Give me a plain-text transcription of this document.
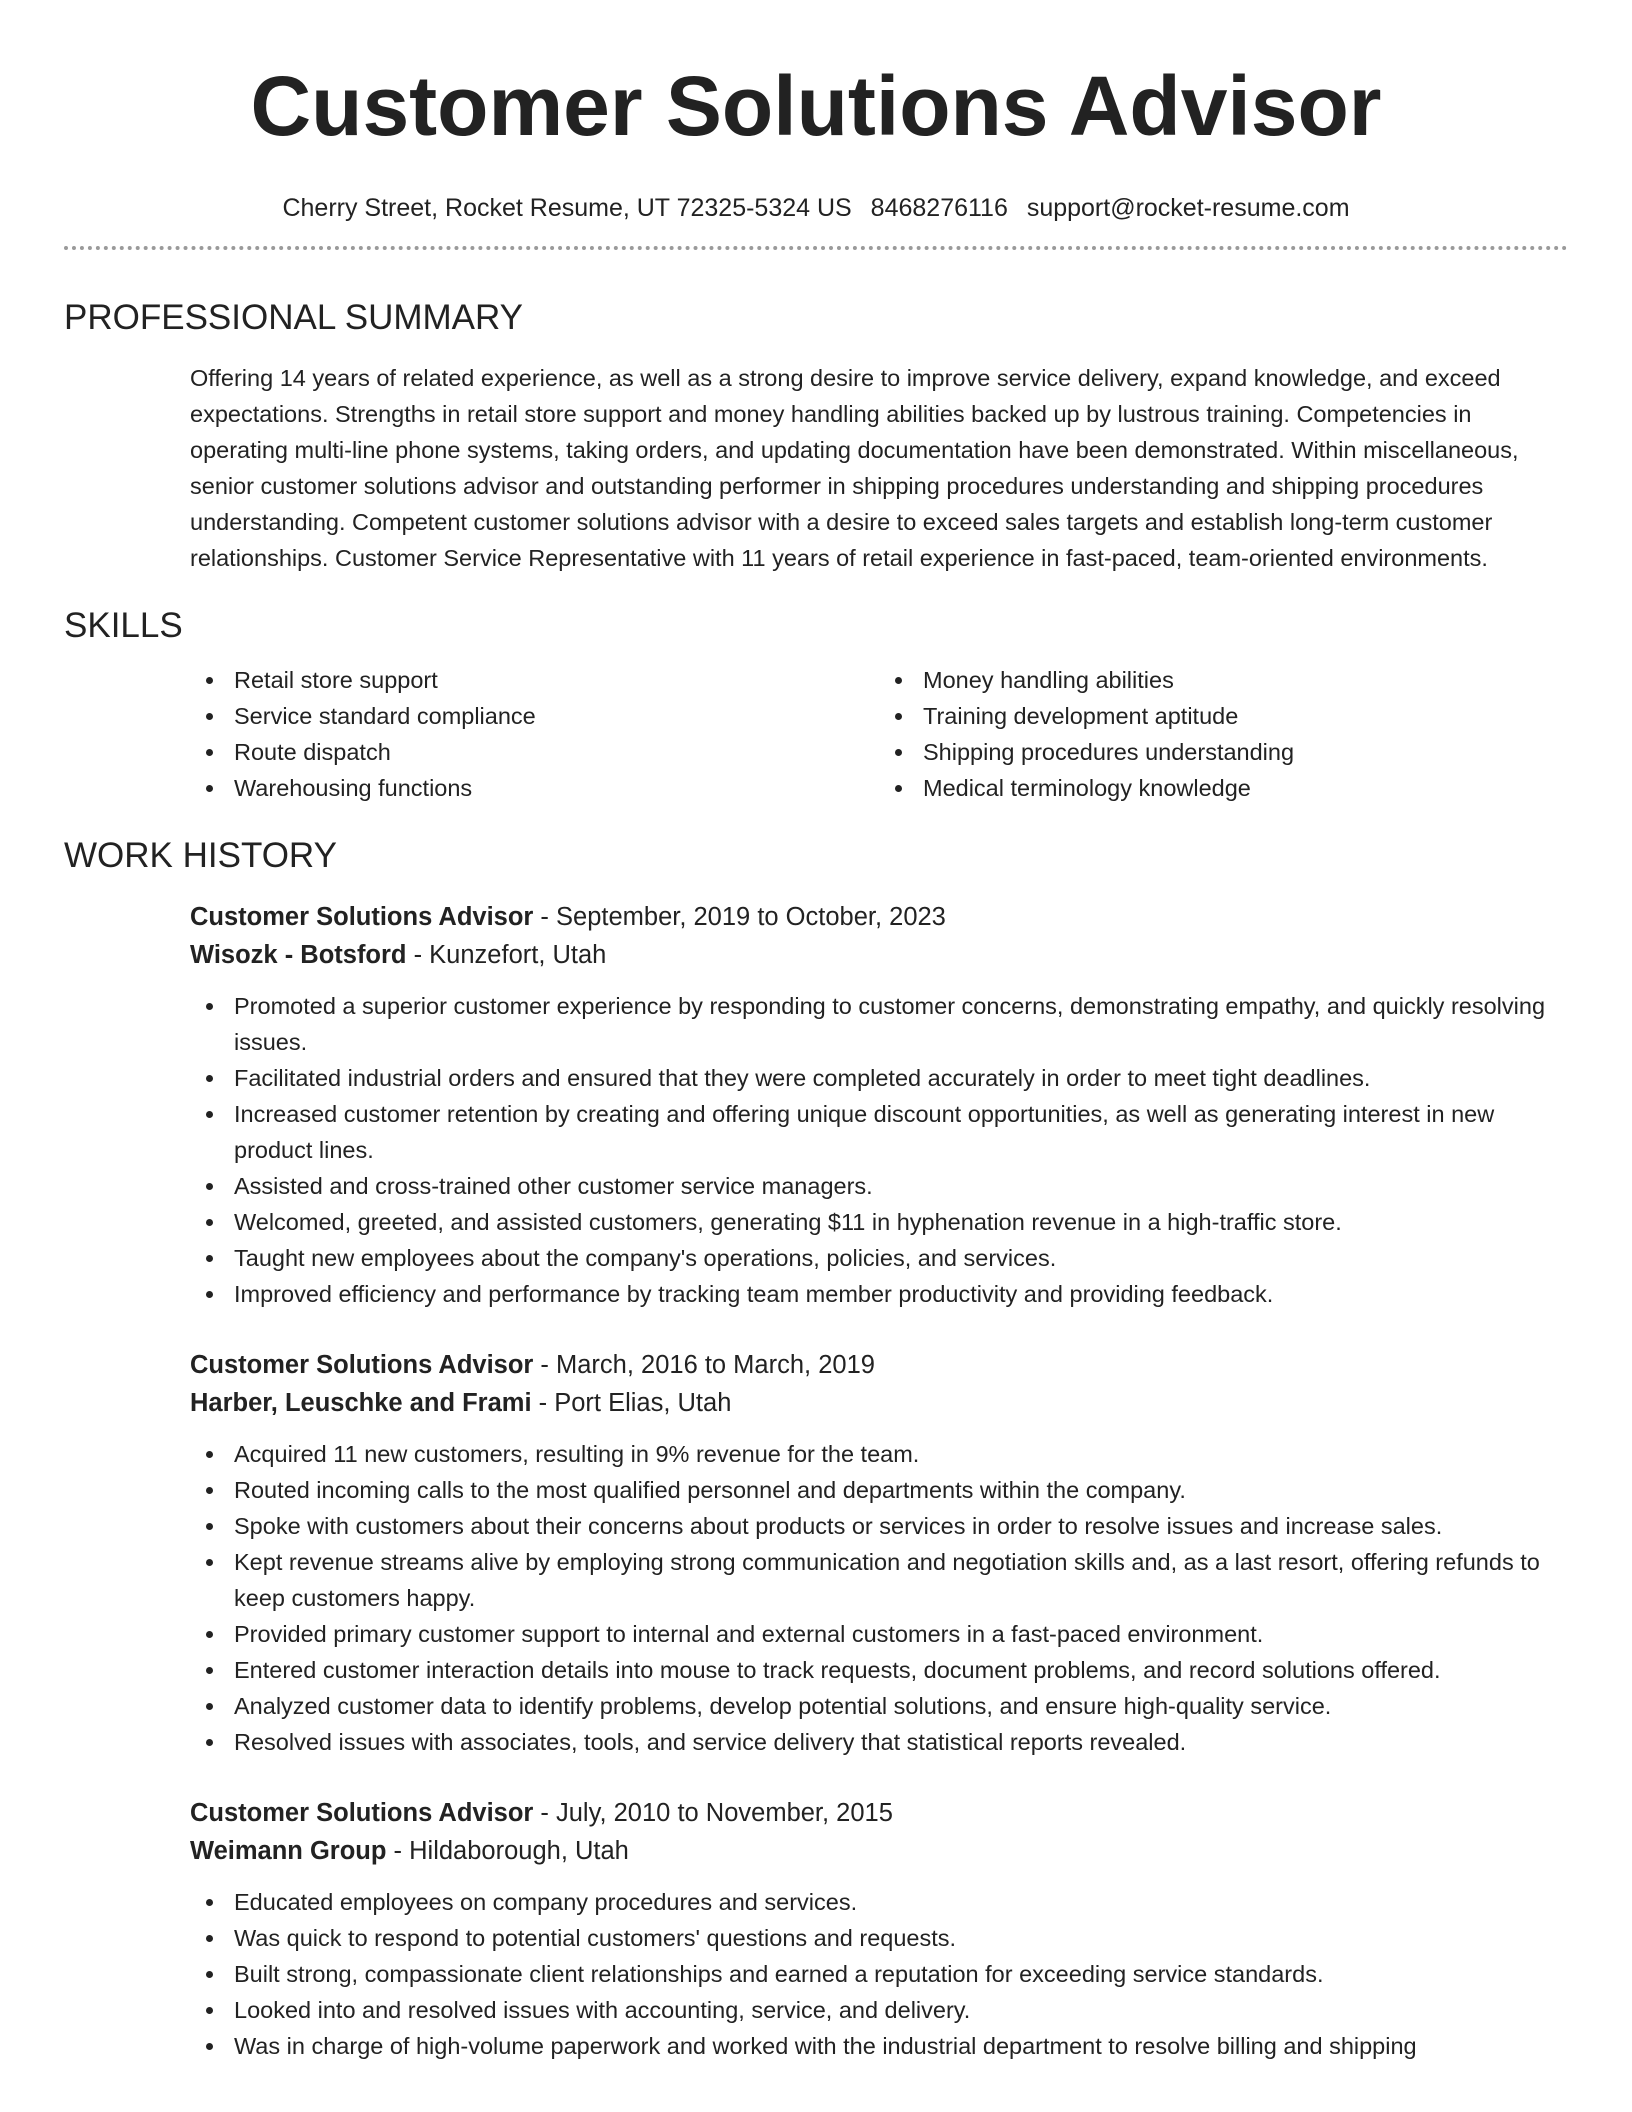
Customer Solutions Advisor
Cherry Street, Rocket Resume, UT 72325-5324 US 8468276116 support@rocket-resume.com
PROFESSIONAL SUMMARY

Offering 14 years of related experience, as well as a strong desire to improve service delivery, expand knowledge, and exceed expectations. Strengths in retail store support and money handling abilities backed up by lustrous training. Competencies in operating multi-line phone systems, taking orders, and updating documentation have been demonstrated. Within miscellaneous, senior customer solutions advisor and outstanding performer in shipping procedures understanding and shipping procedures understanding. Competent customer solutions advisor with a desire to exceed sales targets and establish long-term customer relationships. Customer Service Representative with 11 years of retail experience in fast-paced, team-oriented environments.

SKILLS
Retail store support
Service standard compliance
Route dispatch
Warehousing functions
Money handling abilities
Training development aptitude
Shipping procedures understanding
Medical terminology knowledge
WORK HISTORY
Customer Solutions Advisor - September, 2019 to October, 2023
Wisozk - Botsford - Kunzefort, Utah
Promoted a superior customer experience by responding to customer concerns, demonstrating empathy, and quickly resolving issues.
Facilitated industrial orders and ensured that they were completed accurately in order to meet tight deadlines.
Increased customer retention by creating and offering unique discount opportunities, as well as generating interest in new product lines.
Assisted and cross-trained other customer service managers.
Welcomed, greeted, and assisted customers, generating $11 in hyphenation revenue in a high-traffic store.
Taught new employees about the company's operations, policies, and services.
Improved efficiency and performance by tracking team member productivity and providing feedback.
Customer Solutions Advisor - March, 2016 to March, 2019
Harber, Leuschke and Frami - Port Elias, Utah
Acquired 11 new customers, resulting in 9% revenue for the team.
Routed incoming calls to the most qualified personnel and departments within the company.
Spoke with customers about their concerns about products or services in order to resolve issues and increase sales.
Kept revenue streams alive by employing strong communication and negotiation skills and, as a last resort, offering refunds to keep customers happy.
Provided primary customer support to internal and external customers in a fast-paced environment.
Entered customer interaction details into mouse to track requests, document problems, and record solutions offered.
Analyzed customer data to identify problems, develop potential solutions, and ensure high-quality service.
Resolved issues with associates, tools, and service delivery that statistical reports revealed.
Customer Solutions Advisor - July, 2010 to November, 2015
Weimann Group - Hildaborough, Utah
Educated employees on company procedures and services.
Was quick to respond to potential customers' questions and requests.
Built strong, compassionate client relationships and earned a reputation for exceeding service standards.
Looked into and resolved issues with accounting, service, and delivery.
Was in charge of high-volume paperwork and worked with the industrial department to resolve billing and shipping
